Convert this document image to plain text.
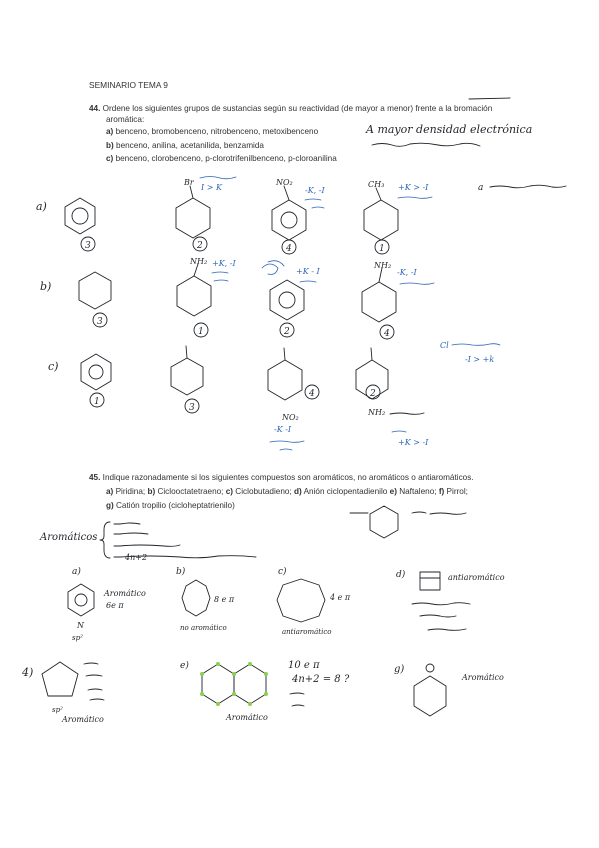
SEMINARIO TEMA 9
44. Ordene los siguientes grupos de sustancias según su reactividad (de mayor a menor) frente a la bromación
aromática:
a) benceno, bromobenceno, nitrobenceno, metoxibenceno
b) benceno, anilina, acetanilida, benzamida
c) benceno, clorobenceno, p-clorotrifenilbenceno, p-cloroanilina
45. Indique razonadamente si los siguientes compuestos son aromáticos, no aromáticos o antiaromáticos.
a) Piridina; b) Ciclooctatetraeno; c) Ciclobutadieno; d) Anión ciclopentadienilo e) Naftaleno; f) Pirrol;
g) Catión tropilio (cicloheptatrienilo)
A mayor densidad electrónica
a)
3
Br
2
I > K
NO₂
4
-K, -I
CH₃
1
+K > -I	a
b)
3
NH₂
1
+K, -I
2
+K - I
NH₂
4
-K, -I
c)
1
3
4
NO₂
-K -I
2
NH₂
+K > -I
Cl
-I > +k
Aromáticos
4n+2
a)
N
sp²
Aromático
6e π
b)
8 e π
no aromático
c)
4 e π
antiaromático
d)	antiaromático
4)
sp²
Aromático
e)
Aromático
10 e π
4n+2 = 8 ?
g)
Aromático
